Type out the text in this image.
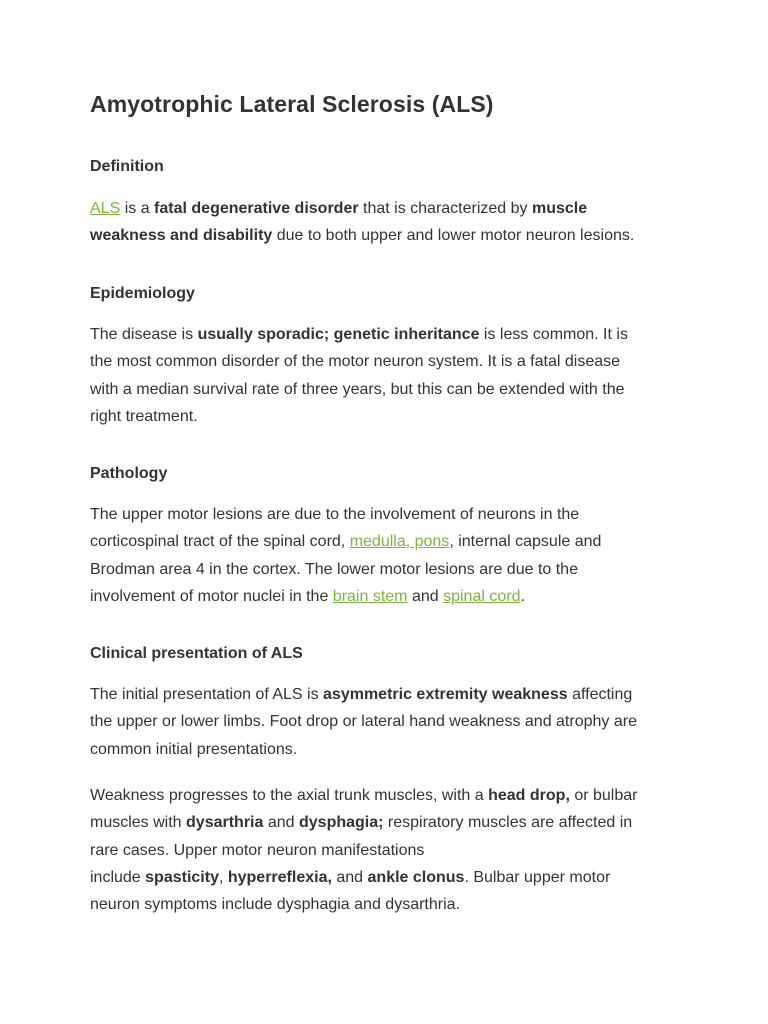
Amyotrophic Lateral Sclerosis (ALS)
Definition

ALS is a fatal degenerative disorder that is characterized by muscle
weakness and disability due to both upper and lower motor neuron lesions.

Epidemiology

The disease is usually sporadic; genetic inheritance is less common. It is
the most common disorder of the motor neuron system. It is a fatal disease
with a median survival rate of three years, but this can be extended with the
right treatment.

Pathology

The upper motor lesions are due to the involvement of neurons in the
corticospinal tract of the spinal cord, medulla, pons, internal capsule and
Brodman area 4 in the cortex. The lower motor lesions are due to the
involvement of motor nuclei in the brain stem and spinal cord.

Clinical presentation of ALS

The initial presentation of ALS is asymmetric extremity weakness affecting
the upper or lower limbs. Foot drop or lateral hand weakness and atrophy are
common initial presentations.

Weakness progresses to the axial trunk muscles, with a head drop, or bulbar
muscles with dysarthria and dysphagia; respiratory muscles are affected in
rare cases. Upper motor neuron manifestations
include spasticity, hyperreflexia, and ankle clonus. Bulbar upper motor
neuron symptoms include dysphagia and dysarthria.
